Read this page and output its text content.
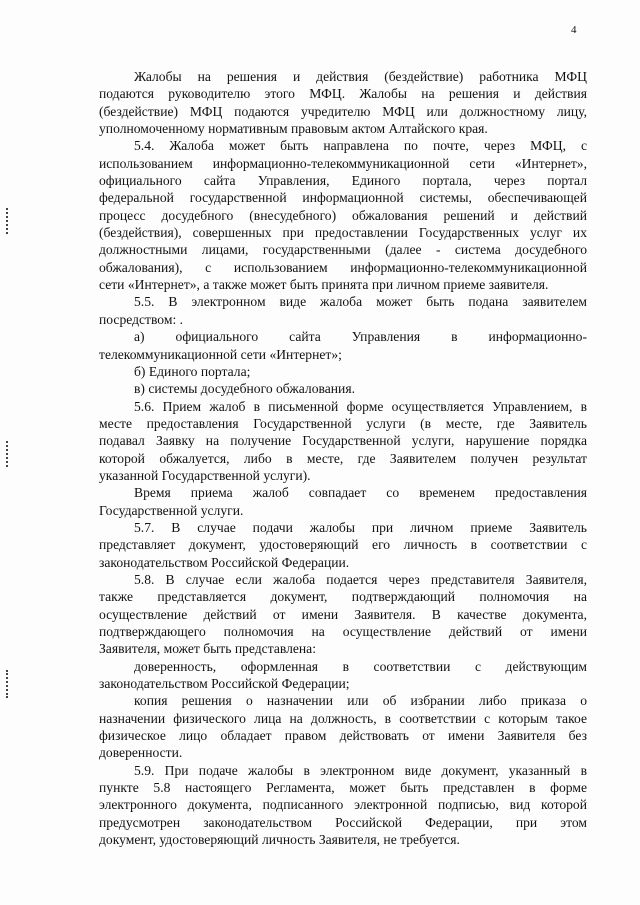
4
Жалобы на решения и действия (бездействие) работника МФЦ
подаются руководителю этого МФЦ. Жалобы на решения и действия
(бездействие) МФЦ подаются учредителю МФЦ или должностному лицу,
уполномоченному нормативным правовым актом Алтайского края.
5.4. Жалоба может быть направлена по почте, через МФЦ, с
использованием информационно-телекоммуникационной сети «Интернет»,
официального сайта Управления, Единого портала, через портал
федеральной государственной информационной системы, обеспечивающей
процесс досудебного (внесудебного) обжалования решений и действий
(бездействия), совершенных при предоставлении Государственных услуг их
должностными лицами, государственными (далее - система досудебного
обжалования), с использованием информационно-телекоммуникационной
сети «Интернет», а также может быть принята при личном приеме заявителя.
5.5. В электронном виде жалоба может быть подана заявителем
посредством: .
а) официального сайта Управления в информационно-
телекоммуникационной сети «Интернет»;
б) Единого портала;
в) системы досудебного обжалования.
5.6. Прием жалоб в письменной форме осуществляется Управлением, в
месте предоставления Государственной услуги (в месте, где Заявитель
подавал Заявку на получение Государственной услуги, нарушение порядка
которой обжалуется, либо в месте, где Заявителем получен результат
указанной Государственной услуги).
Время приема жалоб совпадает со временем предоставления
Государственной услуги.
5.7. В случае подачи жалобы при личном приеме Заявитель
представляет документ, удостоверяющий его личность в соответствии с
законодательством Российской Федерации.
5.8. В случае если жалоба подается через представителя Заявителя,
также представляется документ, подтверждающий полномочия на
осуществление действий от имени Заявителя. В качестве документа,
подтверждающего полномочия на осуществление действий от имени
Заявителя, может быть представлена:
доверенность, оформленная в соответствии с действующим
законодательством Российской Федерации;
копия решения о назначении или об избрании либо приказа о
назначении физического лица на должность, в соответствии с которым такое
физическое лицо обладает правом действовать от имени Заявителя без
доверенности.
5.9. При подаче жалобы в электронном виде документ, указанный в
пункте 5.8 настоящего Регламента, может быть представлен в форме
электронного документа, подписанного электронной подписью, вид которой
предусмотрен законодательством Российской Федерации, при этом
документ, удостоверяющий личность Заявителя, не требуется.
